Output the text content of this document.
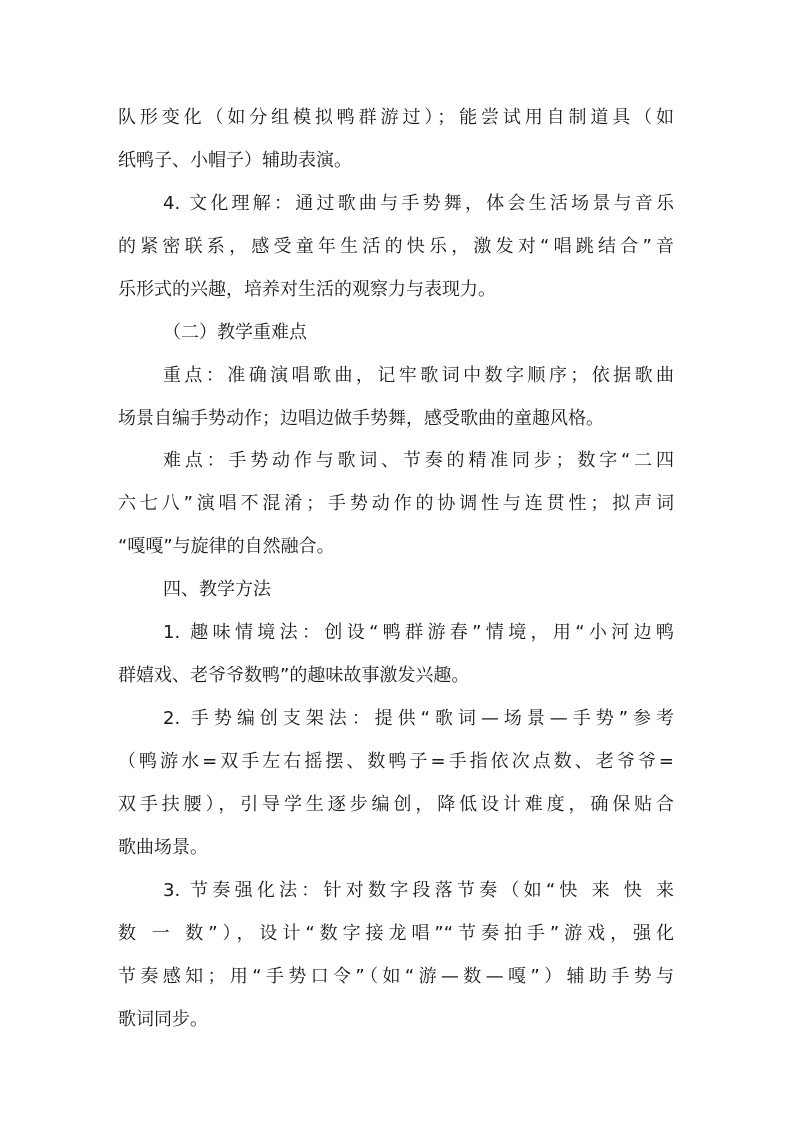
队形变化（如分组模拟鸭群游过）；能尝试用自制道具（如
纸鸭子、小帽子）辅助表演。
4. 文化理解：通过歌曲与手势舞，体会生活场景与音乐
的紧密联系，感受童年生活的快乐，激发对“唱跳结合”音
乐形式的兴趣，培养对生活的观察力与表现力。
（二）教学重难点
重点：准确演唱歌曲，记牢歌词中数字顺序；依据歌曲
场景自编手势动作；边唱边做手势舞，感受歌曲的童趣风格。
难点：手势动作与歌词、节奏的精准同步；数字“二四
六七八”演唱不混淆；手势动作的协调性与连贯性；拟声词
“嘎嘎”与旋律的自然融合。
四、教学方法
1. 趣味情境法：创设“鸭群游春”情境，用“小河边鸭
群嬉戏、老爷爷数鸭”的趣味故事激发兴趣。
2. 手势编创支架法：提供“歌词—场景—手势”参考
（鸭游水=双手左右摇摆、数鸭子=手指依次点数、老爷爷=
双手扶腰），引导学生逐步编创，降低设计难度，确保贴合
歌曲场景。
3. 节奏强化法：针对数字段落节奏（如“快 来 快 来
数 一 数”），设计“数字接龙唱”“节奏拍手”游戏，强化
节奏感知；用“手势口令”（如“游—数—嘎”）辅助手势与
歌词同步。
